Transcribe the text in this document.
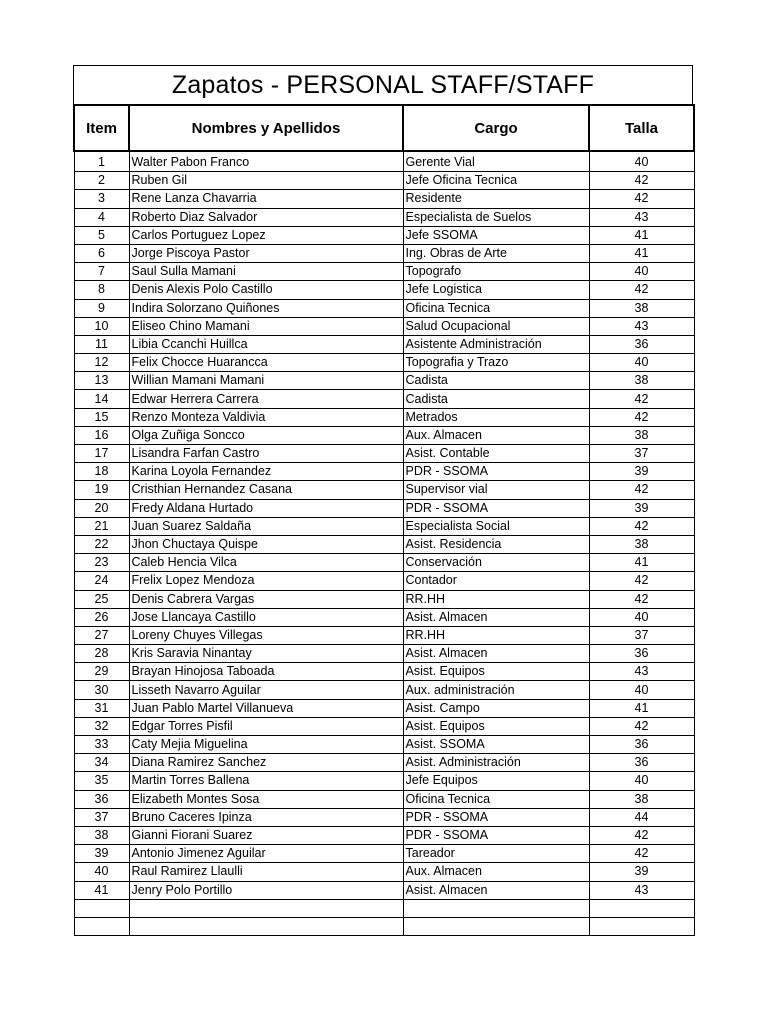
Zapatos - PERSONAL STAFF/STAFF
Item	Nombres y Apellidos	Cargo	Talla
1	Walter Pabon Franco	Gerente Vial	40
2	Ruben Gil	Jefe Oficina Tecnica	42
3	Rene Lanza Chavarria	Residente	42
4	Roberto Diaz Salvador	Especialista de Suelos	43
5	Carlos Portuguez Lopez	Jefe SSOMA	41
6	Jorge Piscoya Pastor	Ing. Obras de Arte	41
7	Saul Sulla Mamani	Topografo	40
8	Denis Alexis Polo Castillo	Jefe Logistica	42
9	Indira Solorzano Quiñones	Oficina Tecnica	38
10	Eliseo Chino Mamani	Salud Ocupacional	43
11	Libia Ccanchi Huillca	Asistente Administración	36
12	Felix Chocce Huarancca	Topografia y Trazo	40
13	Willian Mamani Mamani	Cadista	38
14	Edwar Herrera Carrera	Cadista	42
15	Renzo Monteza Valdivia	Metrados	42
16	Olga Zuñiga Soncco	Aux. Almacen	38
17	Lisandra Farfan Castro	Asist. Contable	37
18	Karina Loyola Fernandez	PDR - SSOMA	39
19	Cristhian Hernandez Casana	Supervisor vial	42
20	Fredy Aldana Hurtado	PDR - SSOMA	39
21	Juan Suarez Saldaña	Especialista Social	42
22	Jhon Chuctaya Quispe	Asist. Residencia	38
23	Caleb Hencia Vilca	Conservación	41
24	Frelix Lopez Mendoza	Contador	42
25	Denis Cabrera Vargas	RR.HH	42
26	Jose Llancaya Castillo	Asist. Almacen	40
27	Loreny Chuyes Villegas	RR.HH	37
28	Kris Saravia Ninantay	Asist. Almacen	36
29	Brayan Hinojosa Taboada	Asist. Equipos	43
30	Lisseth Navarro Aguilar	Aux. administración	40
31	Juan Pablo Martel Villanueva	Asist. Campo	41
32	Edgar Torres Pisfil	Asist. Equipos	42
33	Caty Mejia Miguelina	Asist. SSOMA	36
34	Diana Ramirez Sanchez	Asist. Administración	36
35	Martin Torres Ballena	Jefe Equipos	40
36	Elizabeth Montes Sosa	Oficina Tecnica	38
37	Bruno Caceres Ipinza	PDR - SSOMA	44
38	Gianni Fiorani Suarez	PDR - SSOMA	42
39	Antonio Jimenez Aguilar	Tareador	42
40	Raul Ramirez Llaulli	Aux. Almacen	39
41	Jenry Polo Portillo	Asist. Almacen	43
